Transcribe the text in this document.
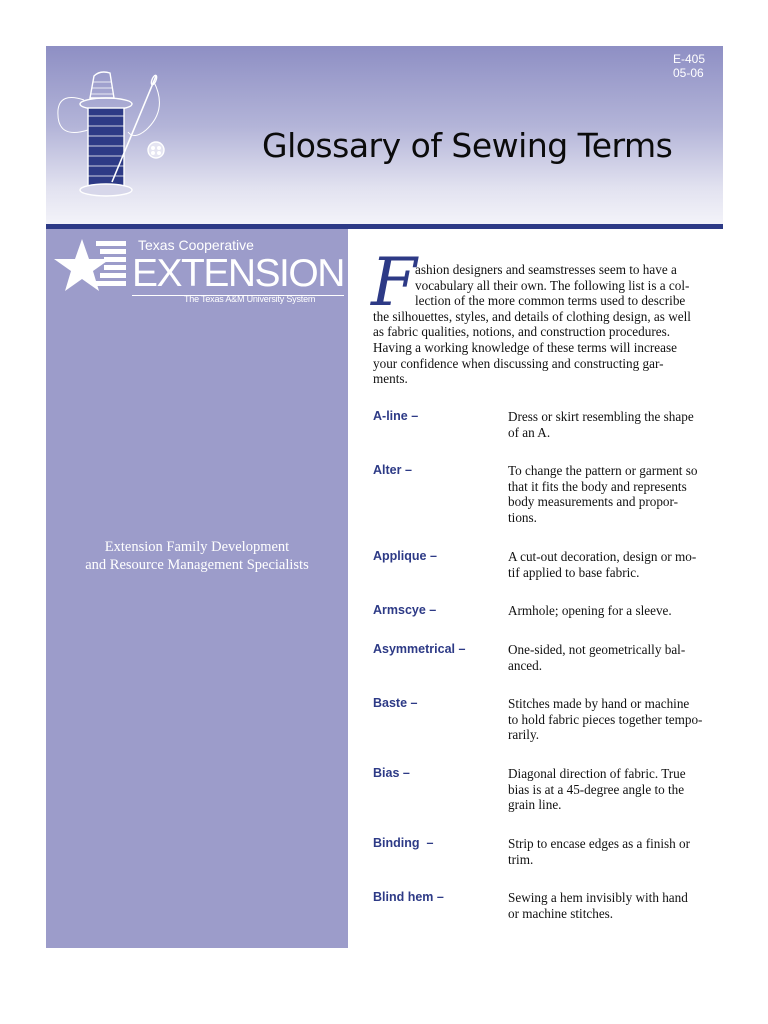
E-405
05-06
Glossary of Sewing Terms
Texas Cooperative
EXTENSION
The Texas A&M University System
Extension Family Development
and Resource Management Specialists
F
ashion designers and seamstresses seem to have a
vocabulary all their own. The following list is a col-
lection of the more common terms used to describe
the silhouettes, styles, and details of clothing design, as well
as fabric qualities, notions, and construction procedures.
Having a working knowledge of these terms will increase
your confidence when discussing and constructing gar-
ments.
A-line –	Dress or skirt resembling the shape
of an A.
Alter –	To change the pattern or garment so
that it fits the body and represents
body measurements and propor-
tions.
Applique –	A cut-out decoration, design or mo-
tif applied to base fabric.
Armscye –	Armhole; opening for a sleeve.
Asymmetrical –	One-sided, not geometrically bal-
anced.
Baste –	Stitches made by hand or machine
to hold fabric pieces together tempo-
rarily.
Bias –	Diagonal direction of fabric. True
bias is at a 45-degree angle to the
grain line.
Binding  –	Strip to encase edges as a finish or
trim.
Blind hem –	Sewing a hem invisibly with hand
or machine stitches.
